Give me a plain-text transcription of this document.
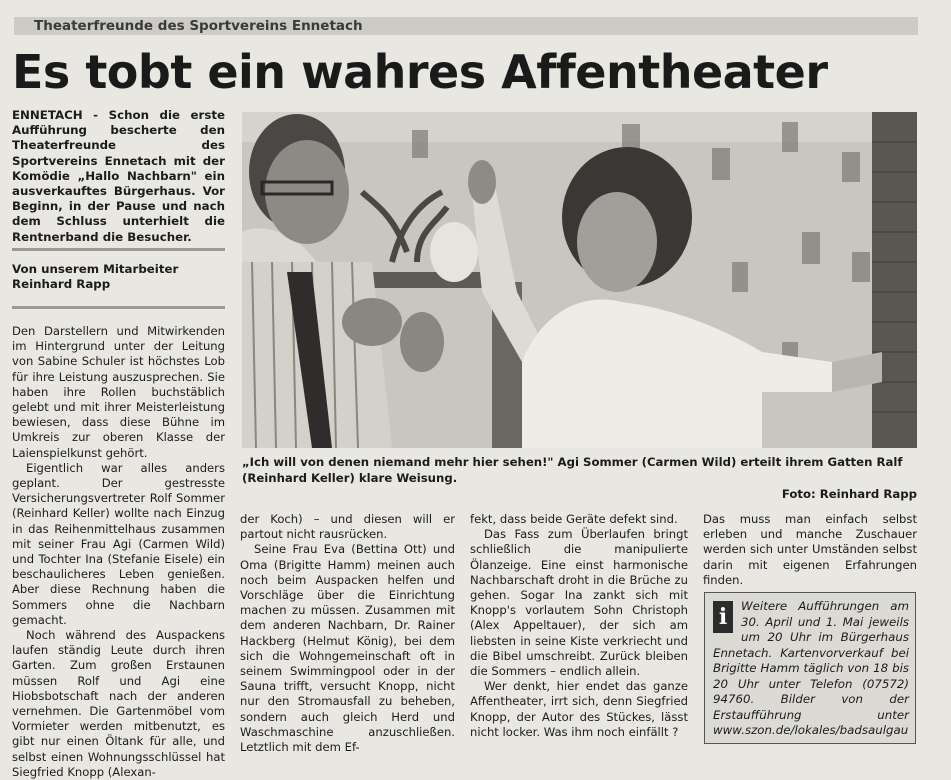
Theaterfreunde des Sportvereins Ennetach
Es tobt ein wahres Affentheater
ENNETACH - Schon die erste Aufführung bescherte den Theaterfreunde des Sportvereins Ennetach mit der Komödie „Hallo Nachbarn" ein ausverkauftes Bürgerhaus. Vor Beginn, in der Pause und nach dem Schluss unterhielt die Rentnerband die Besucher.
Von unserem Mitarbeiter
Reinhard Rapp

Den Darstellern und Mitwirkenden im Hintergrund unter der Leitung von Sabine Schuler ist höchstes Lob für ihre Leistung auszusprechen. Sie haben ihre Rollen buchstäblich gelebt und mit ihrer Meisterleistung bewiesen, dass diese Bühne im Umkreis zur oberen Klasse der Laienspielkunst gehört.

Eigentlich war alles anders geplant. Der gestresste Versicherungsvertreter Rolf Sommer (Reinhard Keller) wollte nach Einzug in das Reihenmittelhaus zusammen mit seiner Frau Agi (Carmen Wild) und Tochter Ina (Stefanie Eisele) ein beschaulicheres Leben genießen. Aber diese Rechnung haben die Sommers ohne die Nachbarn gemacht.

Noch während des Auspackens laufen ständig Leute durch ihren Garten. Zum großen Erstaunen müssen Rolf und Agi eine Hiobsbotschaft nach der anderen vernehmen. Die Gartenmöbel vom Vormieter werden mitbenutzt, es gibt nur einen Öltank für alle, und selbst einen Wohnungsschlüssel hat Siegfried Knopp (Alexan-

„Ich will von denen niemand mehr hier sehen!" Agi Sommer (Carmen Wild) erteilt ihrem Gatten Ralf (Reinhard Keller) klare Weisung.
Foto: Reinhard Rapp

der Koch) – und diesen will er partout nicht rausrücken.

Seine Frau Eva (Bettina Ott) und Oma (Brigitte Hamm) meinen auch noch beim Auspacken helfen und Vorschläge über die Einrichtung machen zu müssen. Zusammen mit dem anderen Nachbarn, Dr. Rainer Hackberg (Helmut König), bei dem sich die Wohngemeinschaft oft in seinem Swimmingpool oder in der Sauna trifft, versucht Knopp, nicht nur den Stromausfall zu beheben, sondern auch gleich Herd und Waschmaschine anzuschließen. Letztlich mit dem Ef-

fekt, dass beide Geräte defekt sind.

Das Fass zum Überlaufen bringt schließlich die manipulierte Ölanzeige. Eine einst harmonische Nachbarschaft droht in die Brüche zu gehen. Sogar Ina zankt sich mit Knopp's vorlautem Sohn Christoph (Alex Appeltauer), der sich am liebsten in seine Kiste verkriecht und die Bibel umschreibt. Zurück bleiben die Sommers – endlich allein.

Wer denkt, hier endet das ganze Affentheater, irrt sich, denn Siegfried Knopp, der Autor des Stückes, lässt nicht locker. Was ihm noch einfällt ?

Das muss man einfach selbst erleben und manche Zuschauer werden sich unter Umständen selbst darin mit eigenen Erfahrungen finden.

i	Weitere Aufführungen am 30. April und 1. Mai jeweils um 20 Uhr im Bürgerhaus Ennetach. Kartenvorverkauf bei Brigitte Hamm täglich von 18 bis 20 Uhr unter Telefon (07572) 94760. Bilder von der Erstaufführung unter www.szon.de/lokales/badsaulgau
